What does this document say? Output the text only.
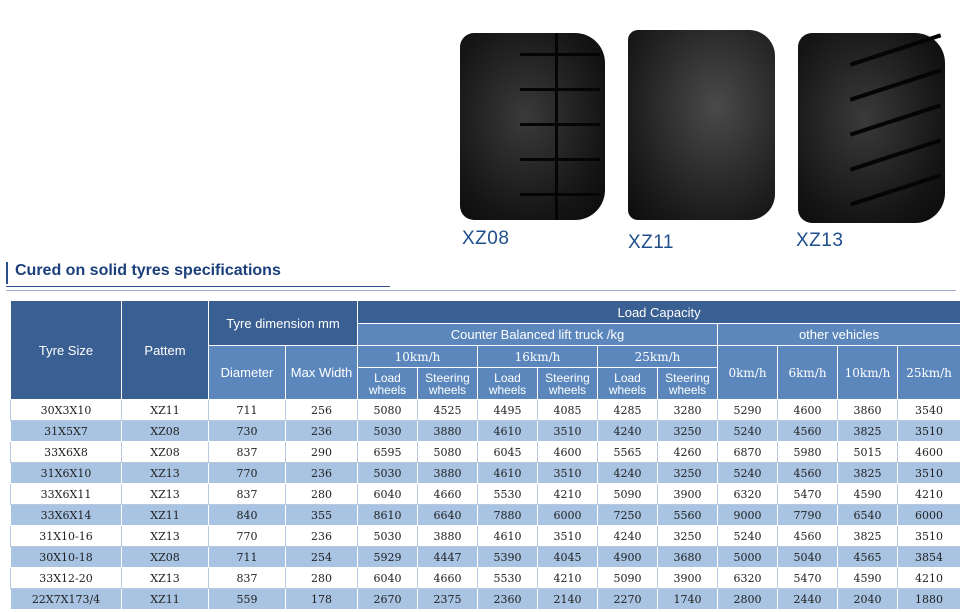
XZ08	XZ11	XZ13
Cured on solid tyres specifications
Tyre Size	Pattem	Tyre dimension mm		Load Capacity									
				Counter Balanced lift truck /kg						other vehicles			
		Diameter	Max Width	10km/h		16km/h		25km/h		0km/h	6km/h	10km/h	25km/h
				Load wheels	Steering wheels	Load wheels	Steering wheels	Load wheels	Steering wheels				
30X3X10	XZ11	711	256	5080	4525	4495	4085	4285	3280	5290	4600	3860	3540
31X5X7	XZ08	730	236	5030	3880	4610	3510	4240	3250	5240	4560	3825	3510
33X6X8	XZ08	837	290	6595	5080	6045	4600	5565	4260	6870	5980	5015	4600
31X6X10	XZ13	770	236	5030	3880	4610	3510	4240	3250	5240	4560	3825	3510
33X6X11	XZ13	837	280	6040	4660	5530	4210	5090	3900	6320	5470	4590	4210
33X6X14	XZ11	840	355	8610	6640	7880	6000	7250	5560	9000	7790	6540	6000
31X10-16	XZ13	770	236	5030	3880	4610	3510	4240	3250	5240	4560	3825	3510
30X10-18	XZ08	711	254	5929	4447	5390	4045	4900	3680	5000	5040	4565	3854
33X12-20	XZ13	837	280	6040	4660	5530	4210	5090	3900	6320	5470	4590	4210
22X7X173/4	XZ11	559	178	2670	2375	2360	2140	2270	1740	2800	2440	2040	1880
